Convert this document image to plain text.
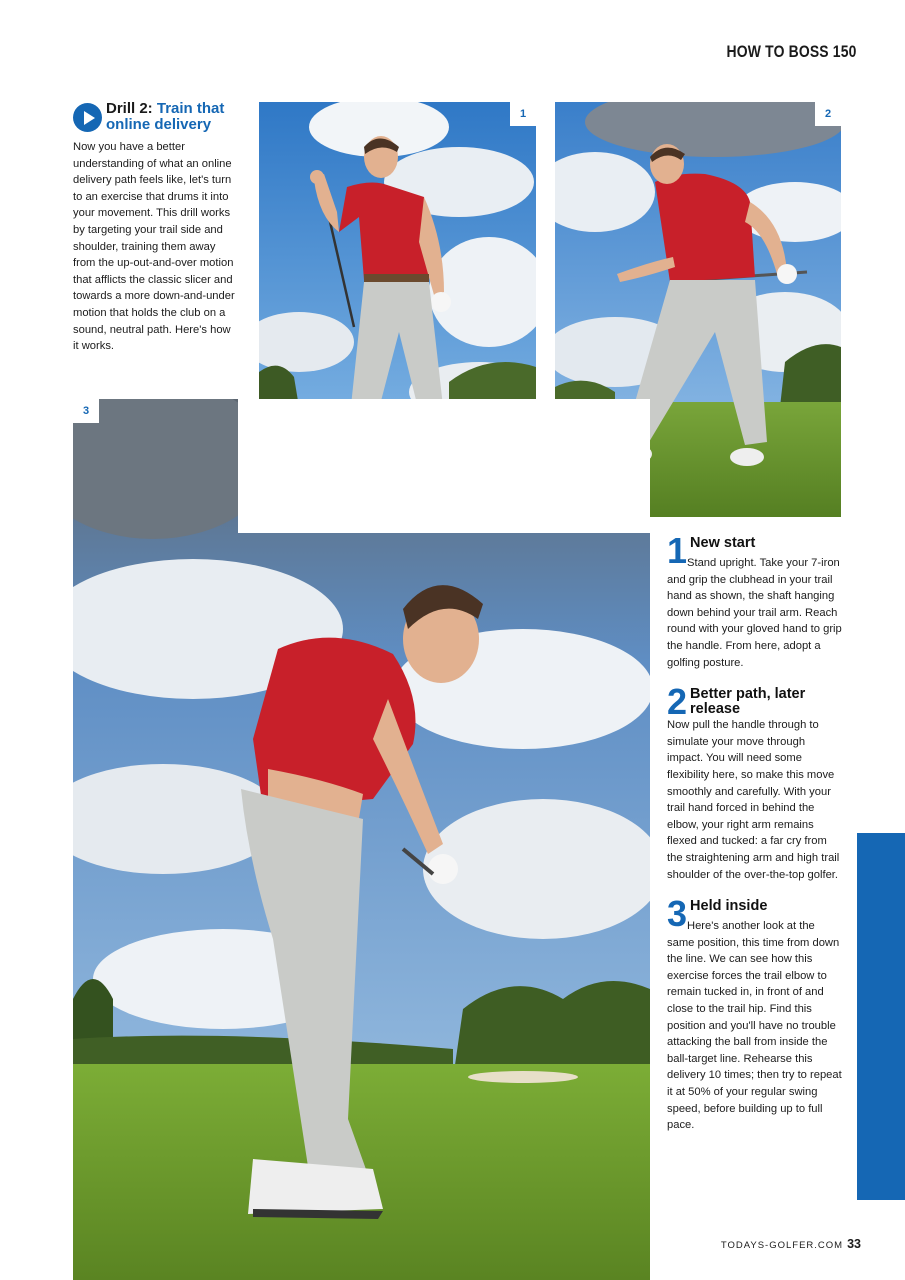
HOW TO BOSS 150
Drill 2: Train that online delivery

Now you have a better understanding of what an online delivery path feels like, let's turn to an exercise that drums it into your movement. This drill works by targeting your trail side and shoulder, training them away from the up-out-and-over motion that afflicts the classic slicer and towards a more down-and-under motion that holds the club on a sound, neutral path. Here's how it works.

1	2
3
1 New start

Stand upright. Take your 7-iron and grip the clubhead in your trail hand as shown, the shaft hanging down behind your trail arm. Reach round with your gloved hand to grip the handle. From here, adopt a golfing posture.

2 Better path, later release

Now pull the handle through to simulate your move through impact. You will need some flexibility here, so make this move smoothly and carefully. With your trail hand forced in behind the elbow, your right arm remains flexed and tucked: a far cry from the straightening arm and high trail shoulder of the over-the-top golfer.

3 Held inside

Here's another look at the same position, this time from down the line. We can see how this exercise forces the trail elbow to remain tucked in, in front of and close to the trail hip. Find this position and you'll have no trouble attacking the ball from inside the ball-target line. Rehearse this delivery 10 times; then try to repeat it at 50% of your regular swing speed, before building up to full pace.

TODAYS-GOLFER.COM 33
